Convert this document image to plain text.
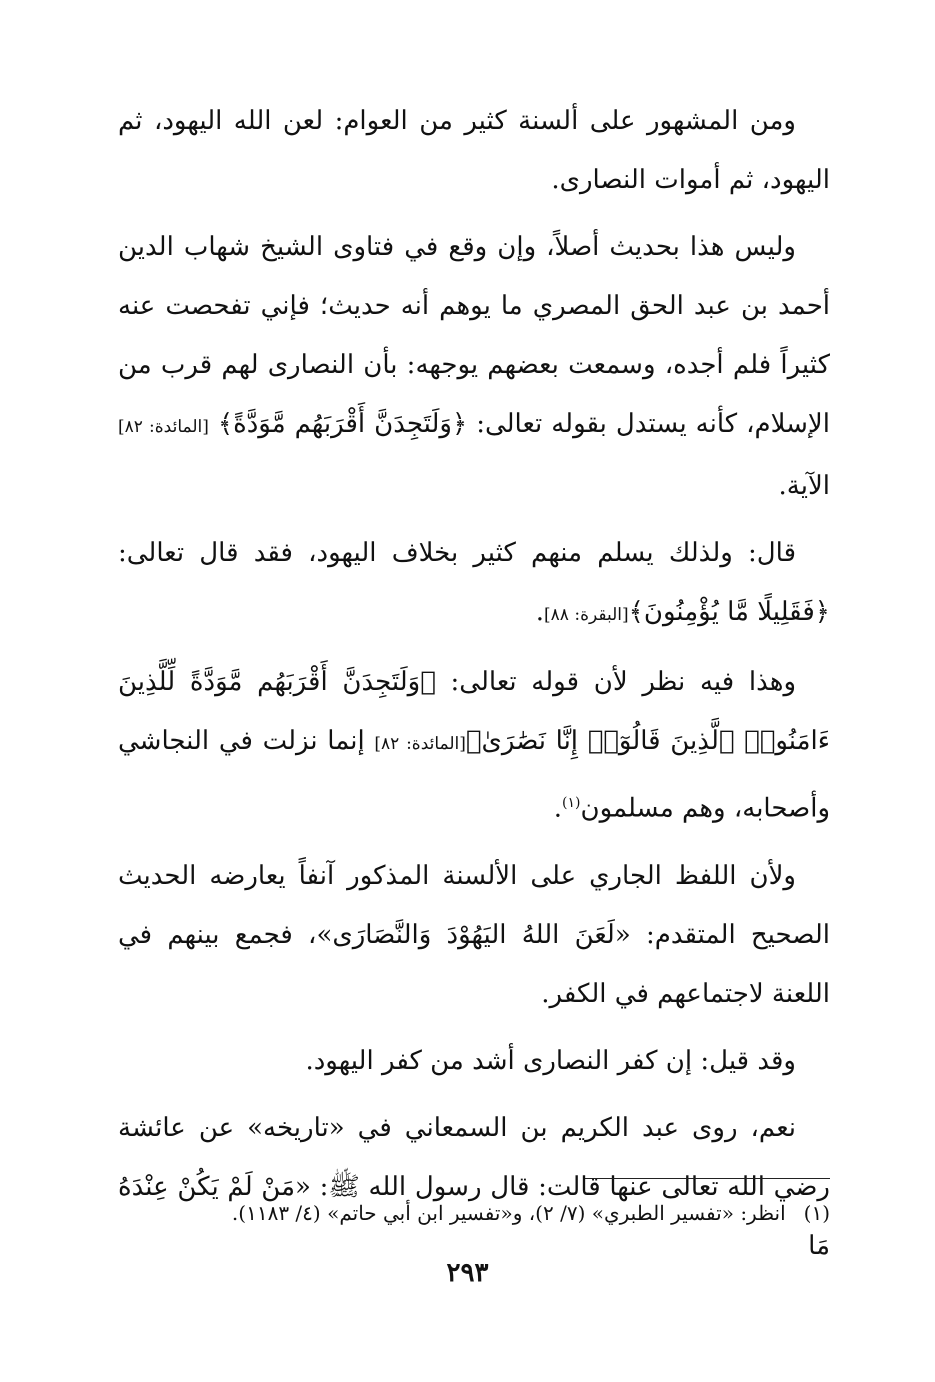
ومن المشهور على ألسنة كثير من العوام: لعن الله اليهود، ثم اليهود، ثم أموات النصارى.

وليس هذا بحديث أصلاً، وإن وقع في فتاوى الشيخ شهاب الدين أحمد بن عبد الحق المصري ما يوهم أنه حديث؛ فإني تفحصت عنه كثيراً فلم أجده، وسمعت بعضهم يوجهه: بأن النصارى لهم قرب من الإسلام، كأنه يستدل بقوله تعالى: ﴿وَلَتَجِدَنَّ أَقْرَبَهُم مَّوَدَّةً﴾ [المائدة: ٨٢] الآية.

قال: ولذلك يسلم منهم كثير بخلاف اليهود، فقد قال تعالى: ﴿فَقَلِيلًا مَّا يُؤْمِنُونَ﴾[البقرة: ٨٨].

وهذا فيه نظر لأن قوله تعالى: ﴿وَلَتَجِدَنَّ أَقْرَبَهُم مَّوَدَّةً لِّلَّذِينَ ءَامَنُوا۟ ٱلَّذِينَ قَالُوٓا۟ إِنَّا نَصَٰرَىٰ﴾[المائدة: ٨٢] إنما نزلت في النجاشي وأصحابه، وهم مسلمون$^{(١)}$.

ولأن اللفظ الجاري على الألسنة المذكور آنفاً يعارضه الحديث الصحيح المتقدم: «لَعَنَ اللهُ اليَهُوْدَ وَالنَّصَارَى»، فجمع بينهم في اللعنة لاجتماعهم في الكفر.

وقد قيل: إن كفر النصارى أشد من كفر اليهود.

نعم، روى عبد الكريم بن السمعاني في «تاريخه» عن عائشة رضي الله تعالى عنها قالت: قال رسول الله ﷺ: «مَنْ لَمْ يَكُنْ عِنْدَهُ مَا

(١)انظر: «تفسير الطبري» (٧/ ٢)، و«تفسير ابن أبي حاتم» (٤/ ١١٨٣).
٢٩٣
